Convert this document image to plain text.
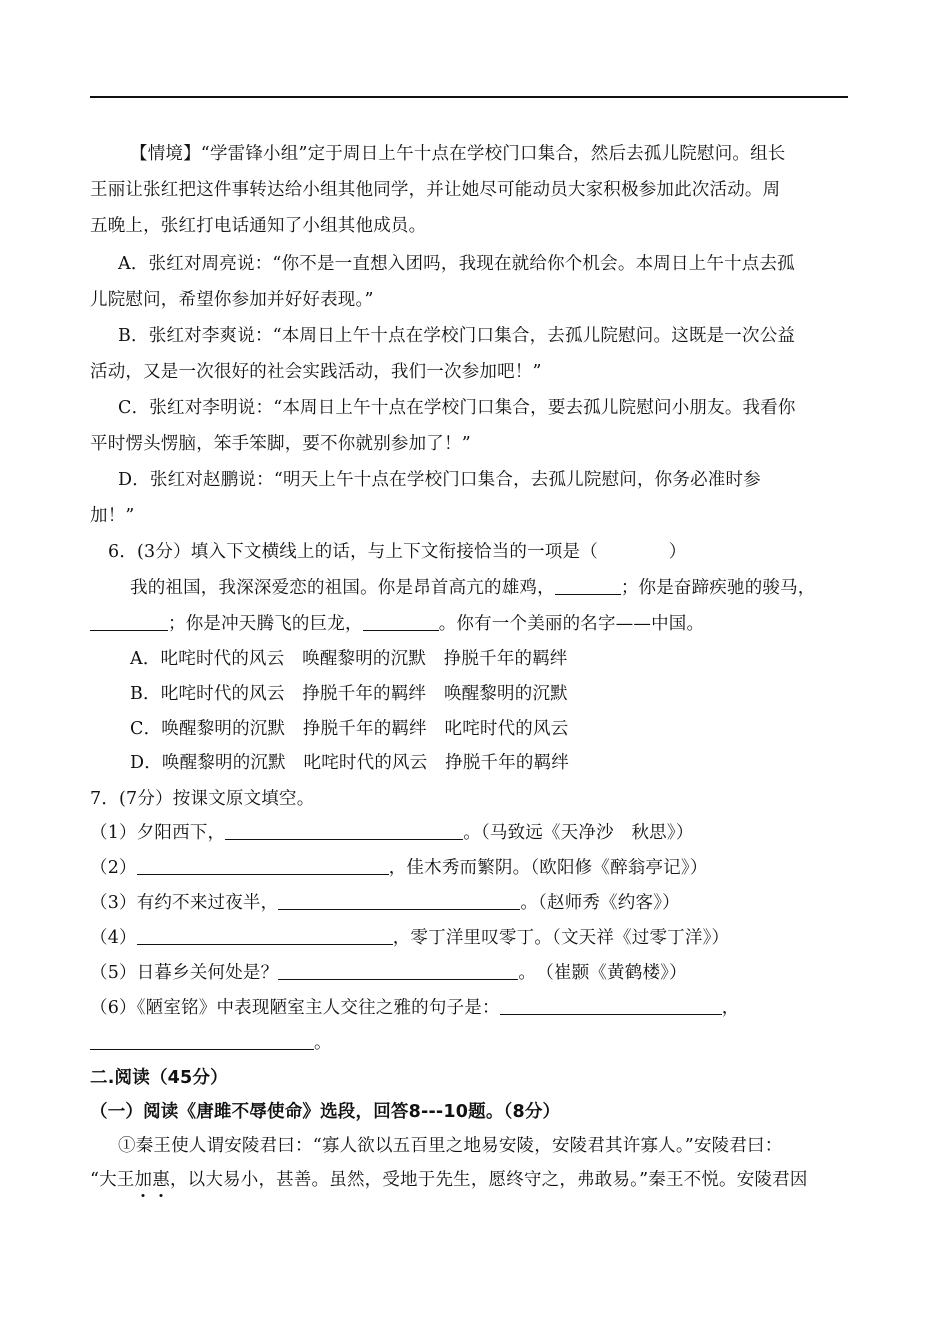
【情境】“学雷锋小组”定于周日上午十点在学校门口集合，然后去孤儿院慰问。组长
王丽让张红把这件事转达给小组其他同学，并让她尽可能动员大家积极参加此次活动。周
五晚上，张红打电话通知了小组其他成员。
A．张红对周亮说：“你不是一直想入团吗，我现在就给你个机会。本周日上午十点去孤
儿院慰问，希望你参加并好好表现。”
B．张红对李爽说：“本周日上午十点在学校门口集合，去孤儿院慰问。这既是一次公益
活动，又是一次很好的社会实践活动，我们一次参加吧！”
C．张红对李明说：“本周日上午十点在学校门口集合，要去孤儿院慰问小朋友。我看你
平时愣头愣脑，笨手笨脚，要不你就别参加了！”
D．张红对赵鹏说：“明天上午十点在学校门口集合，去孤儿院慰问，你务必准时参
加！”
6．(3分）填入下文横线上的话，与上下文衔接恰当的一项是（　　　　）
我的祖国，我深深爱恋的祖国。你是昂首高亢的雄鸡，	；你是奋蹄疾驰的骏马，
；你是冲天腾飞的巨龙，	。你有一个美丽的名字——中国。
A．叱咤时代的风云　唤醒黎明的沉默　挣脱千年的羁绊
B．叱咤时代的风云　挣脱千年的羁绊　唤醒黎明的沉默
C．唤醒黎明的沉默　挣脱千年的羁绊　叱咤时代的风云
D．唤醒黎明的沉默　叱咤时代的风云　挣脱千年的羁绊
7．(7分）按课文原文填空。
（1）夕阳西下，	。（马致远《天净沙　秋思》）
（2）	，佳木秀而繁阴。（欧阳修《醉翁亭记》）
（3）有约不来过夜半，	。（赵师秀《约客》）
（4）	，零丁洋里叹零丁。（文天祥《过零丁洋》）
（5）日暮乡关何处是？	。　（崔颢《黄鹤楼》）
（6）《陋室铭》中表现陋室主人交往之雅的句子是：	，
。
二.阅读（45分）
（一）阅读《唐雎不辱使命》选段，回答8---10题。（8分）
①秦王使人谓安陵君曰：“寡人欲以五百里之地易安陵，安陵君其许寡人。”安陵君曰：
“大王加惠，以大易小，甚善。虽然，受地于先生，愿终守之，弗敢易。”秦王不悦。安陵君因
